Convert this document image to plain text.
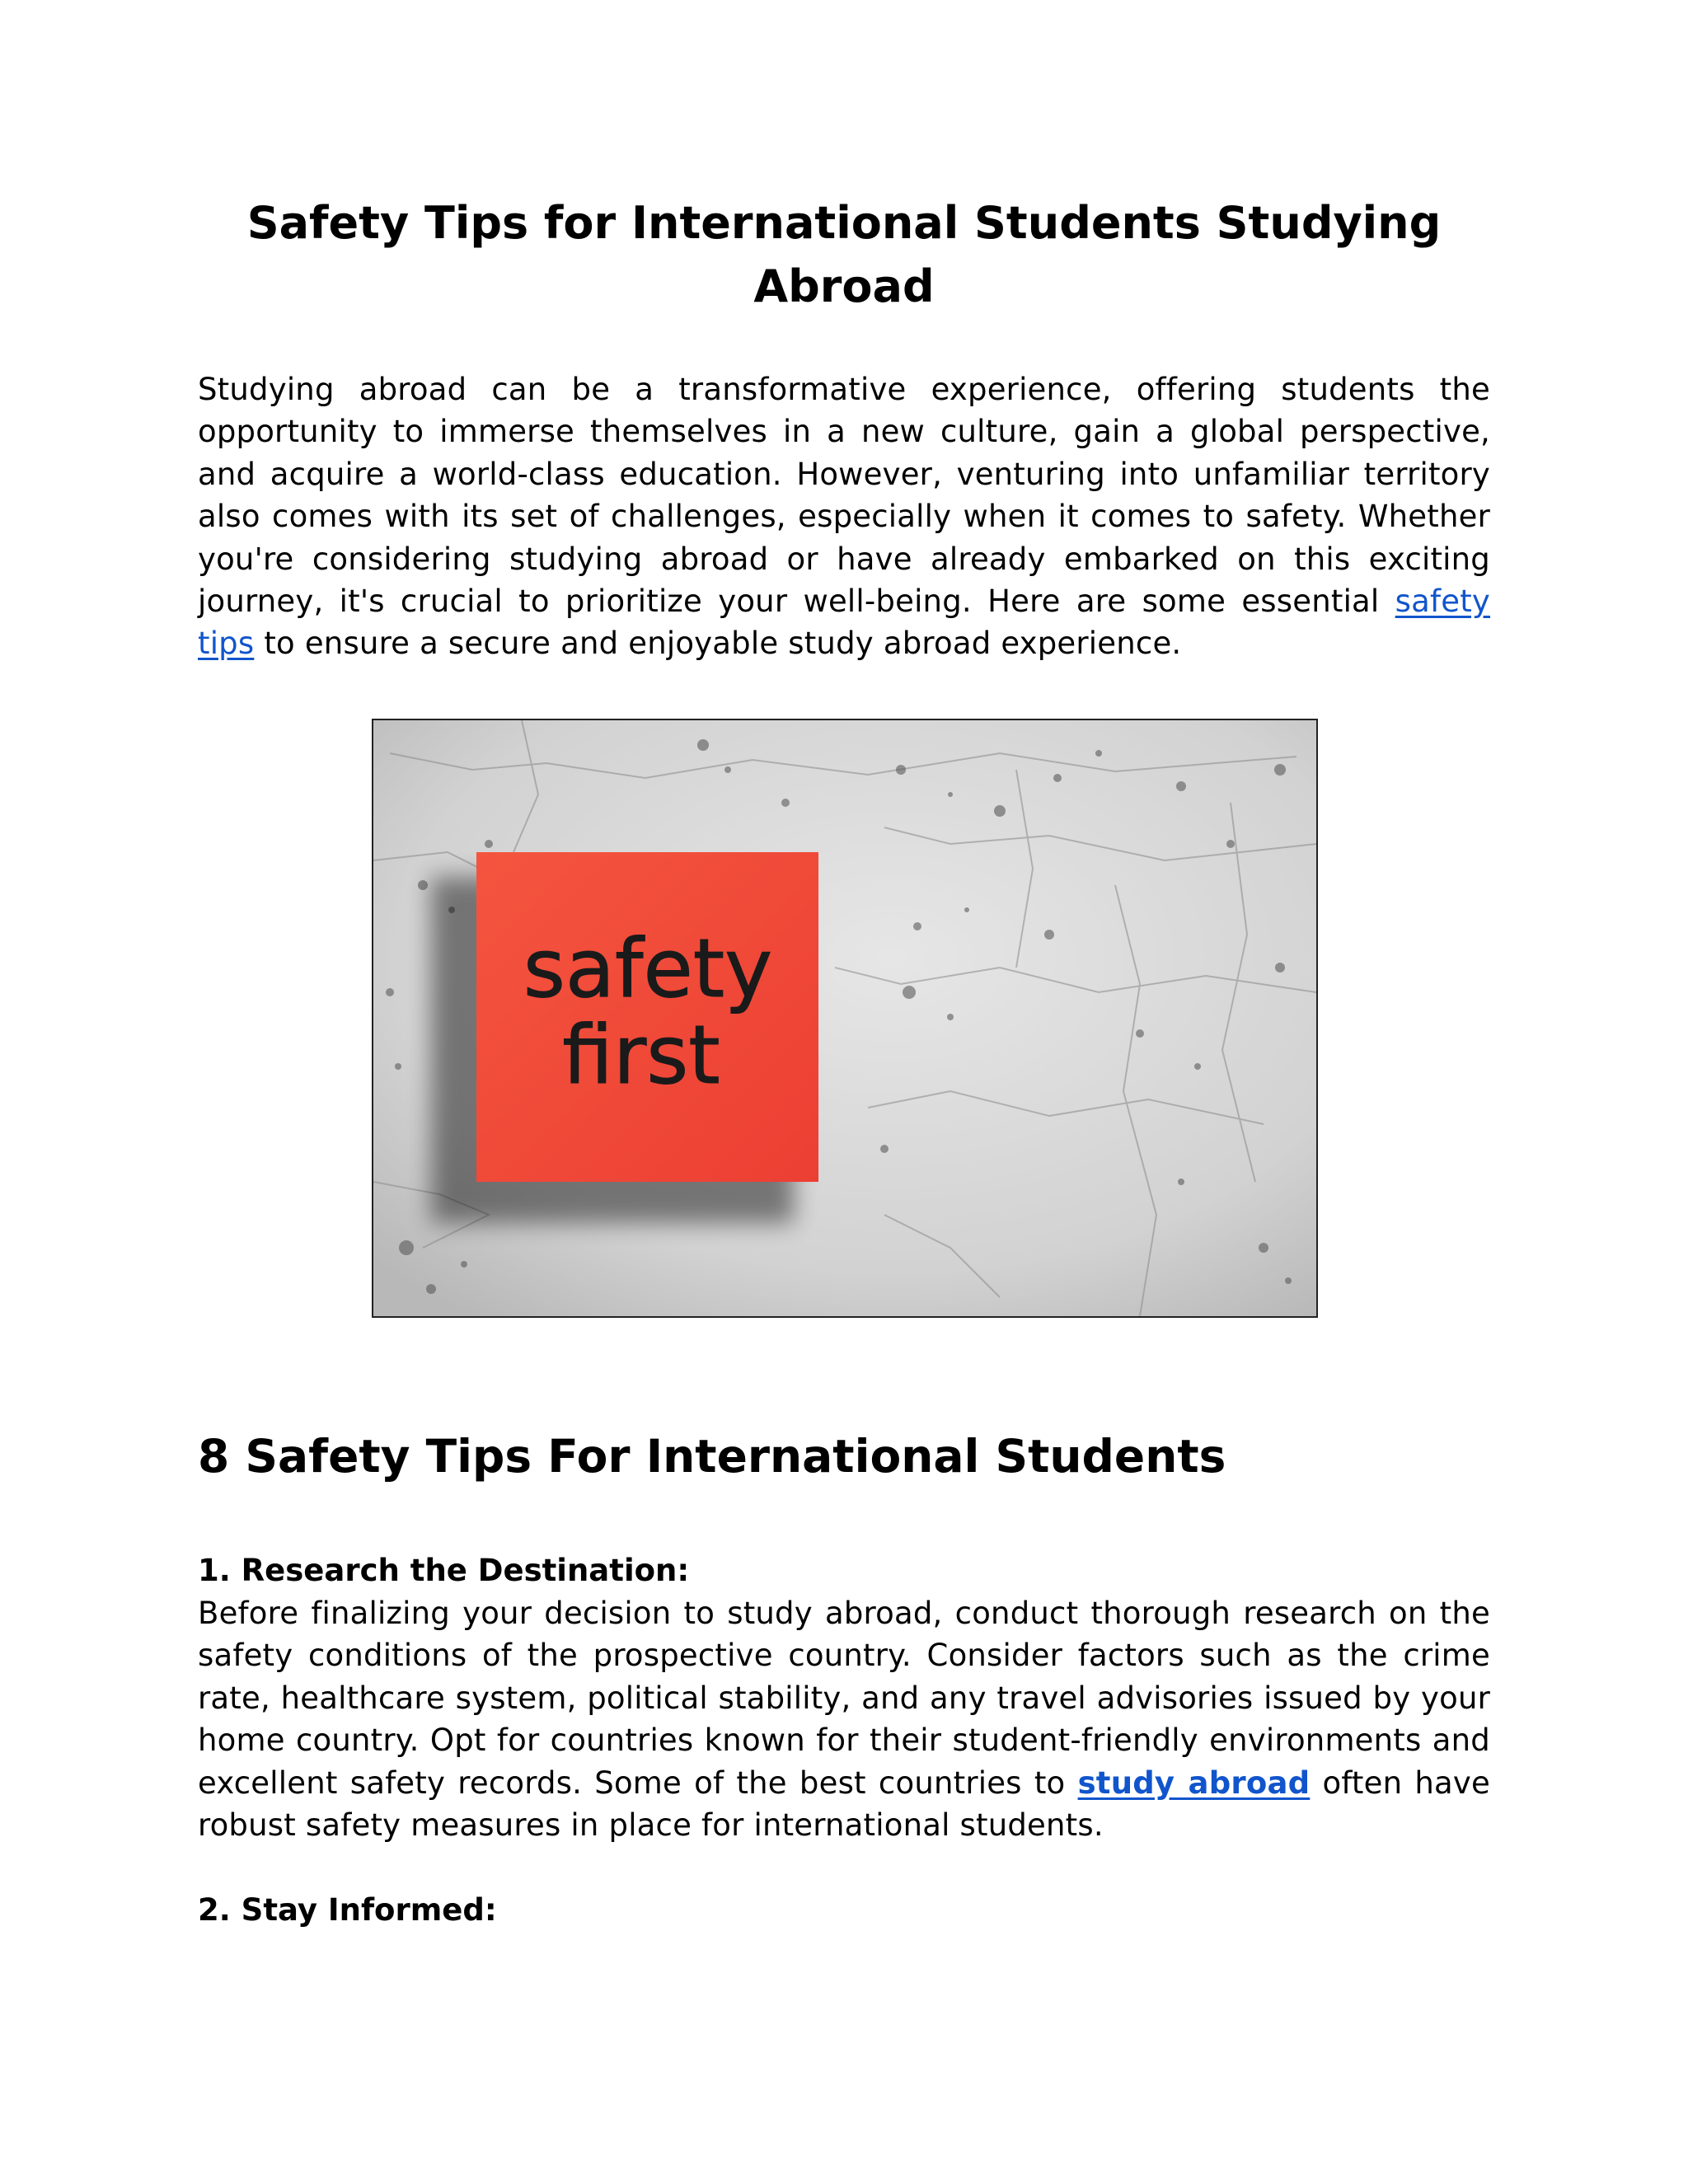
Safety Tips for International Students Studying Abroad

Studying abroad can be a transformative experience, offering students the opportunity to immerse themselves in a new culture, gain a global perspective, and acquire a world-class education. However, venturing into unfamiliar territory also comes with its set of challenges, especially when it comes to safety. Whether you're considering studying abroad or have already embarked on this exciting journey, it's crucial to prioritize your well-being. Here are some essential safety tips to ensure a secure and enjoyable study abroad experience.

safety
first
8 Safety Tips For International Students
1. Research the Destination:

Before finalizing your decision to study abroad, conduct thorough research on the safety conditions of the prospective country. Consider factors such as the crime rate, healthcare system, political stability, and any travel advisories issued by your home country. Opt for countries known for their student-friendly environments and excellent safety records. Some of the best countries to study abroad often have robust safety measures in place for international students.

2. Stay Informed:
